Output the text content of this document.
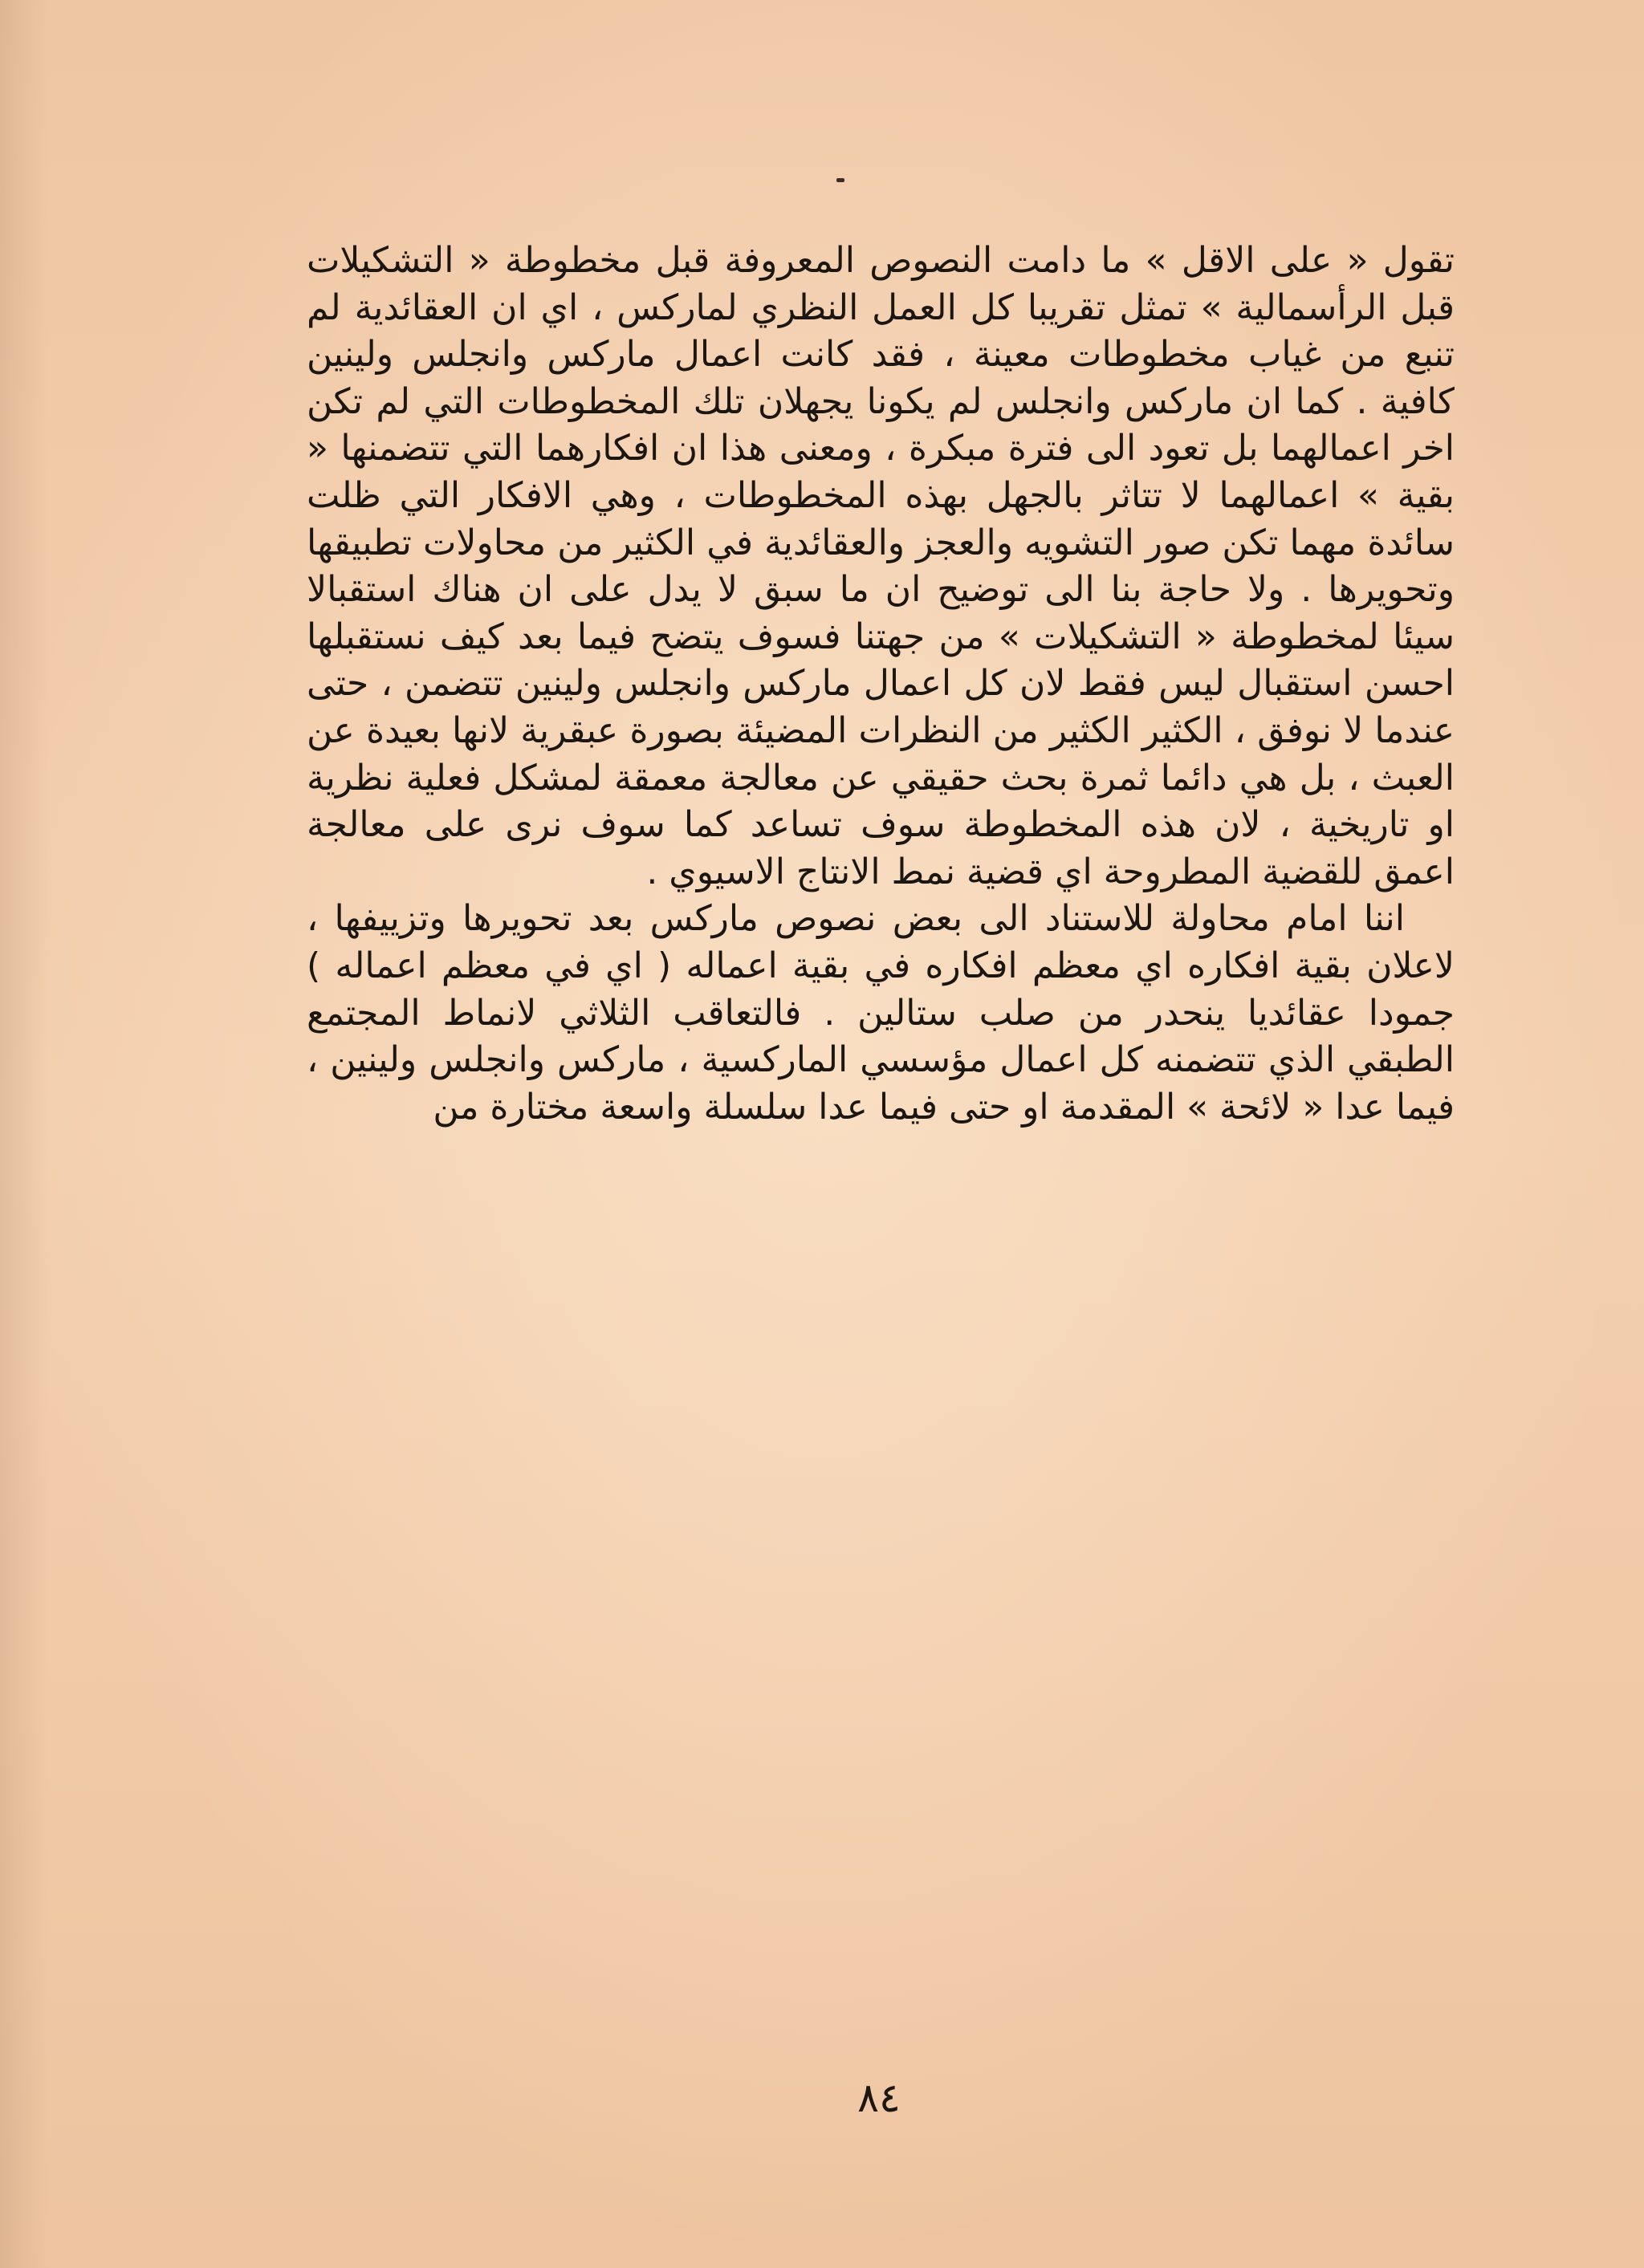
تقول « على الاقل » ما دامت النصوص المعروفة قبل مخطوطة « التشكيلات قبل الرأسمالية » تمثل تقريبا كل العمل النظري لماركس ، اي ان العقائدية لم تنبع من غياب مخطوطات معينة ، فقد كانت اعمال ماركس وانجلس ولينين كافية . كما ان ماركس وانجلس لم يكونا يجهلان تلك المخطوطات التي لم تكن اخر اعمالهما بل تعود الى فترة مبكرة ، ومعنى هذا ان افكارهما التي تتضمنها « بقية » اعمالهما لا تتاثر بالجهل بهذه المخطوطات ، وهي الافكار التي ظلت سائدة مهما تكن صور التشويه والعجز والعقائدية في الكثير من محاولات تطبيقها وتحويرها . ولا حاجة بنا الى توضيح ان ما سبق لا يدل على ان هناك استقبالا سيئا لمخطوطة « التشكيلات » من جهتنا فسوف يتضح فيما بعد كيف نستقبلها احسن استقبال ليس فقط لان كل اعمال ماركس وانجلس ولينين تتضمن ، حتى عندما لا نوفق ، الكثير الكثير من النظرات المضيئة بصورة عبقرية لانها بعيدة عن العبث ، بل هي دائما ثمرة بحث حقيقي عن معالجة معمقة لمشكل فعلية نظرية او تاريخية ، لان هذه المخطوطة سوف تساعد كما سوف نرى على معالجة اعمق للقضية المطروحة اي قضية نمط الانتاج الاسيوي .

اننا امام محاولة للاستناد الى بعض نصوص ماركس بعد تحويرها وتزييفها ، لاعلان بقية افكاره اي معظم افكاره في بقية اعماله ( اي في معظم اعماله ) جمودا عقائديا ينحدر من صلب ستالين . فالتعاقب الثلاثي لانماط المجتمع الطبقي الذي تتضمنه كل اعمال مؤسسي الماركسية ، ماركس وانجلس ولينين ، فيما عدا « لائحة » المقدمة او حتى فيما عدا سلسلة واسعة مختارة من

٨٤
